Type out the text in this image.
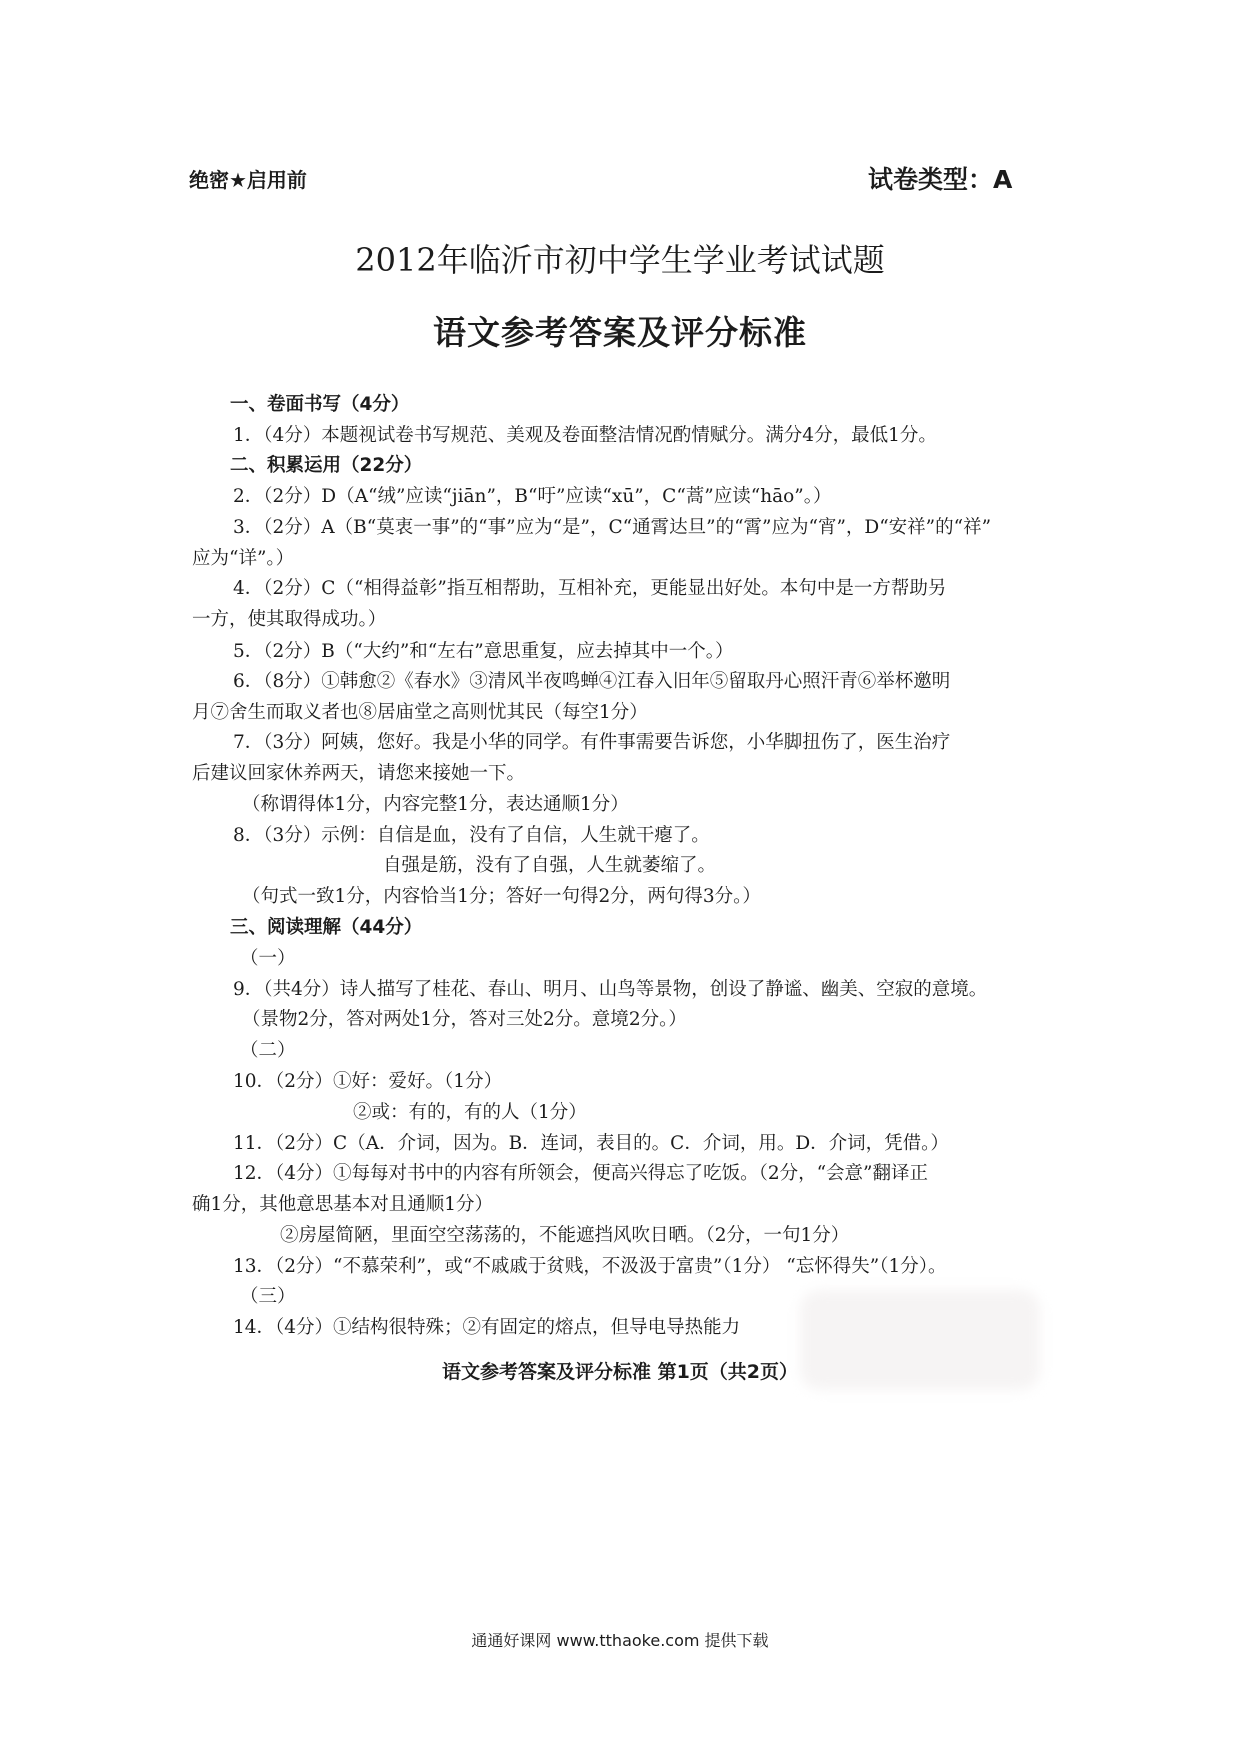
绝密★启用前	试卷类型：A
2012年临沂市初中学生学业考试试题
语文参考答案及评分标准
一、卷面书写（4分）
1．（4分）本题视试卷书写规范、美观及卷面整洁情况酌情赋分。满分4分，最低1分。
二、积累运用（22分）
2．（2分）D（A“绒”应读“jiān”，B“吁”应读“xū”，C“蒿”应读“hāo”。）
3．（2分）A（B“莫衷一事”的“事”应为“是”，C“通霄达旦”的“霄”应为“宵”，D“安祥”的“祥”
应为“详”。）
4．（2分）C（“相得益彰”指互相帮助，互相补充，更能显出好处。本句中是一方帮助另
一方，使其取得成功。）
5．（2分）B（“大约”和“左右”意思重复，应去掉其中一个。）
6．（8分）①韩愈②《春水》③清风半夜鸣蝉④江春入旧年⑤留取丹心照汗青⑥举杯邀明
月⑦舍生而取义者也⑧居庙堂之高则忧其民（每空1分）
7．（3分）阿姨，您好。我是小华的同学。有件事需要告诉您，小华脚扭伤了，医生治疗
后建议回家休养两天，请您来接她一下。
（称谓得体1分，内容完整1分，表达通顺1分）
8．（3分）示例：自信是血，没有了自信，人生就干瘪了。
自强是筋，没有了自强，人生就萎缩了。
（句式一致1分，内容恰当1分；答好一句得2分，两句得3分。）
三、阅读理解（44分）
（一）
9．（共4分）诗人描写了桂花、春山、明月、山鸟等景物，创设了静谧、幽美、空寂的意境。
（景物2分，答对两处1分，答对三处2分。意境2分。）
（二）
10．（2分）①好：爱好。（1分）
②或：有的，有的人（1分）
11．（2分）C（A．介词，因为。B．连词，表目的。C．介词，用。D．介词，凭借。）
12．（4分）①每每对书中的内容有所领会，便高兴得忘了吃饭。（2分，“会意”翻译正
确1分，其他意思基本对且通顺1分）
②房屋简陋，里面空空荡荡的，不能遮挡风吹日晒。（2分，一句1分）
13．（2分）“不慕荣利”，或“不戚戚于贫贱，不汲汲于富贵”（1分） “忘怀得失”（1分）。
（三）
14．（4分）①结构很特殊；②有固定的熔点，但导电导热能力
语文参考答案及评分标准 第1页（共2页）
通通好课网 www.tthaoke.com 提供下载
